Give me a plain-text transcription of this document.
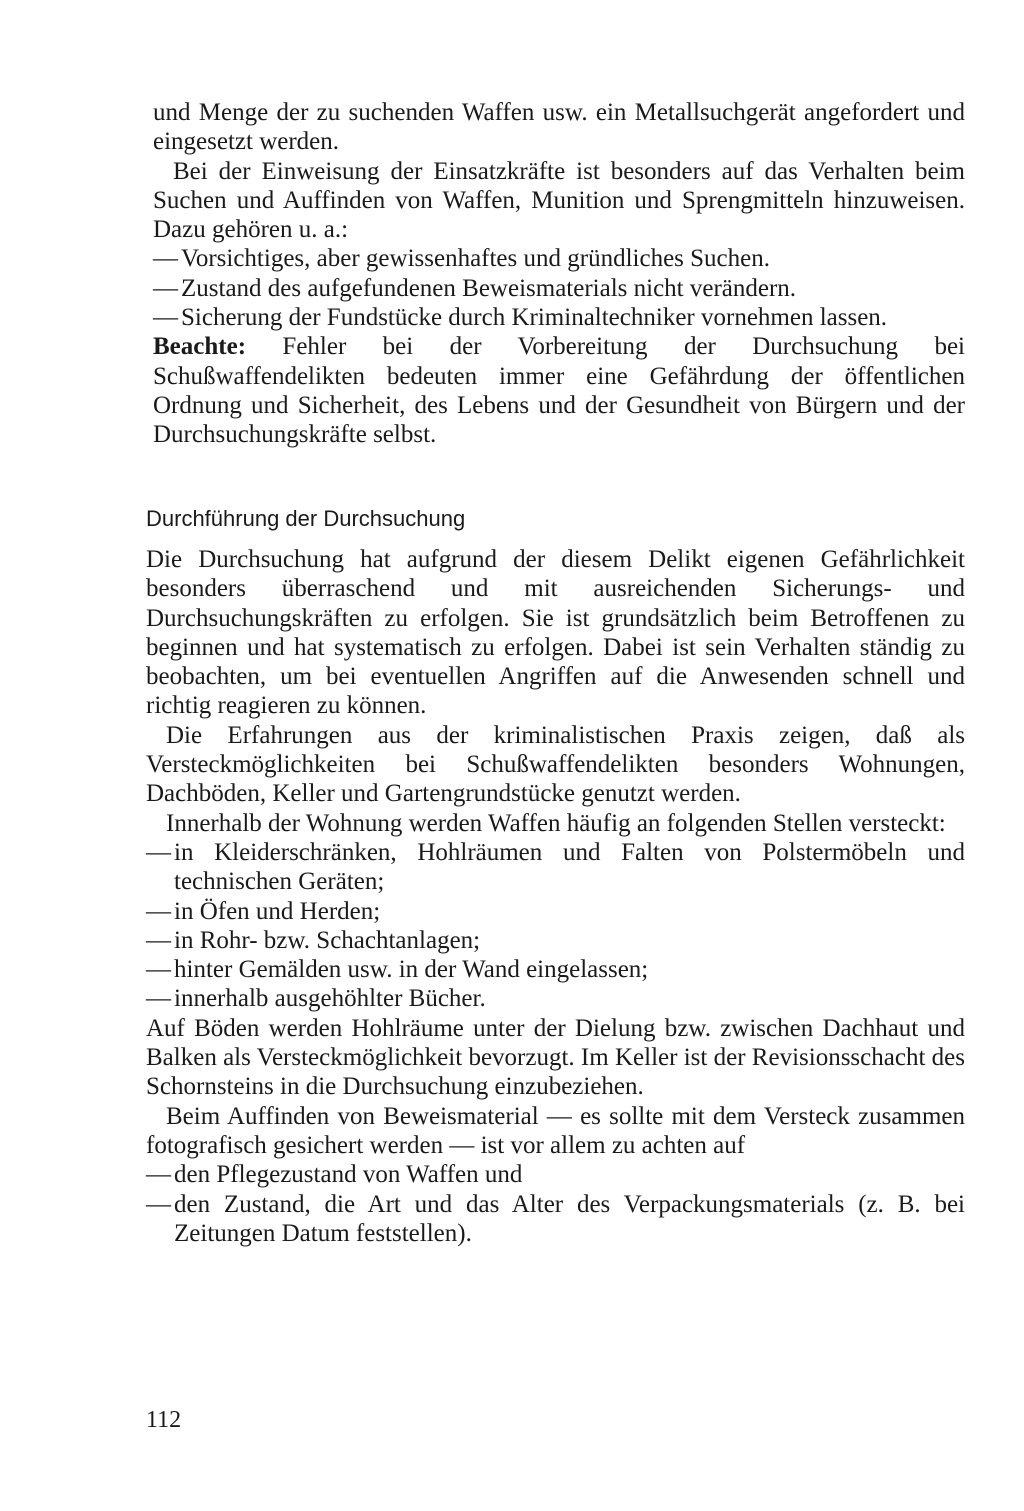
und Menge der zu suchenden Waffen usw. ein Metallsuchgerät angefordert und eingesetzt werden.

Bei der Einweisung der Einsatzkräfte ist besonders auf das Verhalten beim Suchen und Auffinden von Waffen, Munition und Sprengmitteln hinzuweisen. Dazu gehören u. a.:

— Vorsichtiges, aber gewissenhaftes und gründliches Suchen.

— Zustand des aufgefundenen Beweismaterials nicht verändern.

— Sicherung der Fundstücke durch Kriminaltechniker vornehmen lassen.

Beachte: Fehler bei der Vorbereitung der Durchsuchung bei Schußwaffendelikten bedeuten immer eine Gefährdung der öffentlichen Ordnung und Sicherheit, des Lebens und der Gesundheit von Bürgern und der Durchsuchungskräfte selbst.

Durchführung der Durchsuchung

Die Durchsuchung hat aufgrund der diesem Delikt eigenen Gefährlichkeit besonders überraschend und mit ausreichenden Sicherungs- und Durchsuchungskräften zu erfolgen. Sie ist grundsätzlich beim Betroffenen zu beginnen und hat systematisch zu erfolgen. Dabei ist sein Verhalten ständig zu beobachten, um bei eventuellen Angriffen auf die Anwesenden schnell und richtig reagieren zu können.

Die Erfahrungen aus der kriminalistischen Praxis zeigen, daß als Versteckmöglichkeiten bei Schußwaffendelikten besonders Wohnungen, Dachböden, Keller und Gartengrundstücke genutzt werden.

Innerhalb der Wohnung werden Waffen häufig an folgenden Stellen versteckt:

— in Kleiderschränken, Hohlräumen und Falten von Polstermöbeln und technischen Geräten;

— in Öfen und Herden;

— in Rohr- bzw. Schachtanlagen;

— hinter Gemälden usw. in der Wand eingelassen;

— innerhalb ausgehöhlter Bücher.

Auf Böden werden Hohlräume unter der Dielung bzw. zwischen Dachhaut und Balken als Versteckmöglichkeit bevorzugt. Im Keller ist der Revisionsschacht des Schornsteins in die Durchsuchung einzubeziehen.

Beim Auffinden von Beweismaterial — es sollte mit dem Versteck zusammen fotografisch gesichert werden — ist vor allem zu achten auf

— den Pflegezustand von Waffen und

— den Zustand, die Art und das Alter des Verpackungsmaterials (z. B. bei Zeitungen Datum feststellen).

112
